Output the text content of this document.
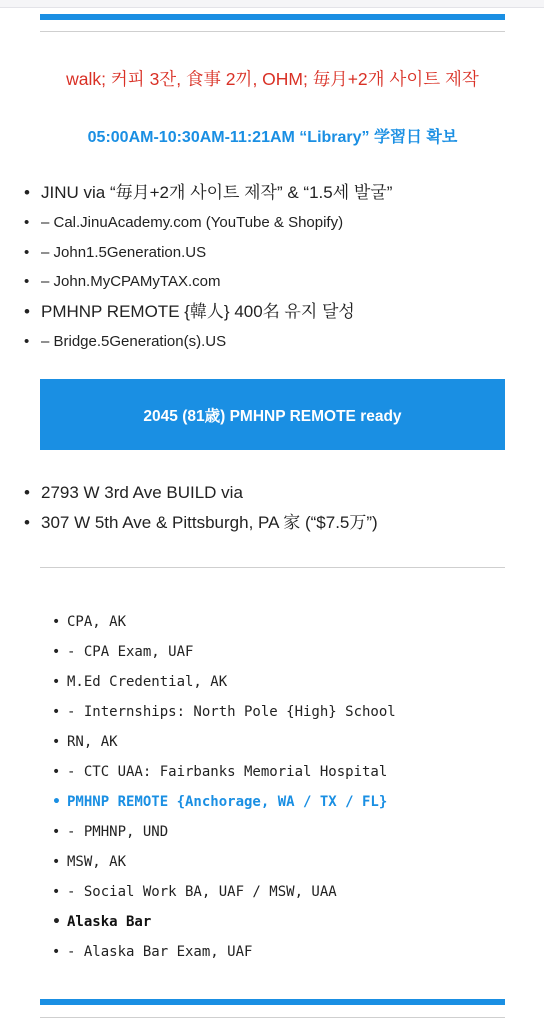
walk; 커피 3잔, 食事 2끼, OHM; 毎月+2개 사이트 제작
05:00AM-10:30AM-11:21AM “Library” 学習日 확보
• JINU via “毎月+2개 사이트 제작” & “1.5세 발굴”
• – Cal.JinuAcademy.com (YouTube & Shopify)
• – John1.5Generation.US
• – John.MyCPAMyTAX.com
• PMHNP REMOTE {韓人} 400名 유지 달성
• – Bridge.5Generation(s).US
2045 (81歳) PMHNP REMOTE ready
• 2793 W 3rd Ave BUILD via
• 307 W 5th Ave & Pittsburgh, PA 家 (“$7.5万”)
• CPA, AK
• - CPA Exam, UAF
• M.Ed Credential, AK
• - Internships: North Pole {High} School
• RN, AK
• - CTC UAA: Fairbanks Memorial Hospital
• PMHNP REMOTE {Anchorage, WA / TX / FL}
• - PMHNP, UND
• MSW, AK
• - Social Work BA, UAF / MSW, UAA
• Alaska Bar
• - Alaska Bar Exam, UAF
